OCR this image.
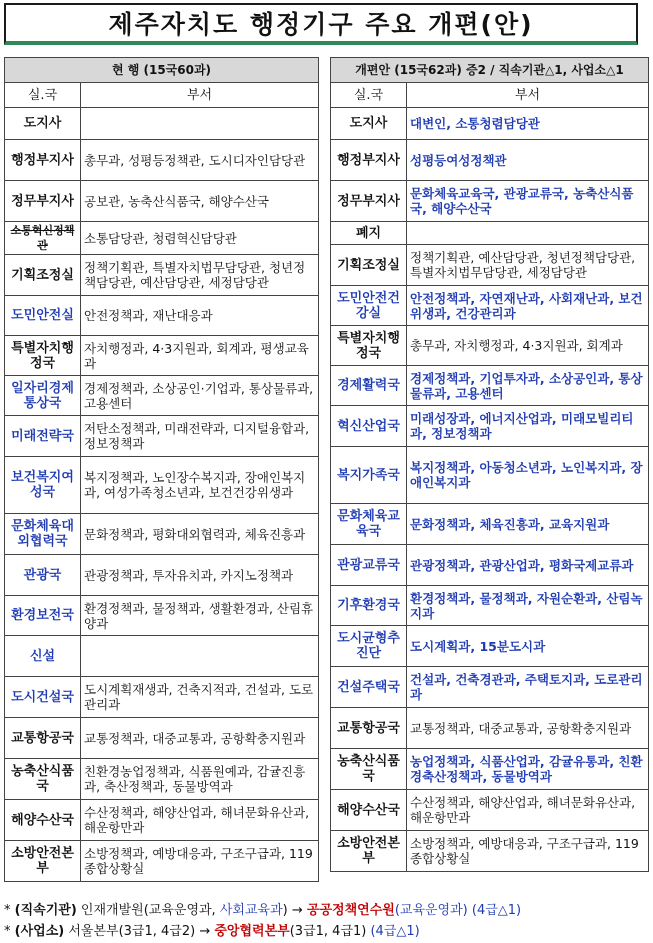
제주자치도 행정기구 주요 개편(안)
현 행 (15국60과)	
실.국	부서
도지사	
행정부지사	총무과, 성평등정책관, 도시디자인담당관
정무부지사	공보관, 농축산식품국, 해양수산국
소통혁신정책관	소통담당관, 청렴혁신담당관
기획조정실	정책기획관, 특별자치법무담당관, 청년정책담당관, 예산담당관, 세정담당관
도민안전실	안전정책과, 재난대응과
특별자치행정국	자치행정과, 4·3지원과, 회계과, 평생교육과
일자리경제통상국	경제정책과, 소상공인·기업과, 통상물류과, 고용센터
미래전략국	저탄소정책과, 미래전략과, 디지털융합과, 정보정책과
보건복지여성국	복지정책과, 노인장수복지과, 장애인복지과, 여성가족청소년과, 보건건강위생과
문화체육대외협력국	문화정책과, 평화대외협력과, 체육진흥과
관광국	관광정책과, 투자유치과, 카지노정책과
환경보전국	환경정책과, 물정책과, 생활환경과, 산림휴양과
신설	
도시건설국	도시계획재생과, 건축지적과, 건설과, 도로관리과
교통항공국	교통정책과, 대중교통과, 공항확충지원과
농축산식품국	친환경농업정책과, 식품원예과, 감귤진흥과, 축산정책과, 동물방역과
해양수산국	수산정책과, 해양산업과, 해녀문화유산과, 해운항만과
소방안전본부	소방정책과, 예방대응과, 구조구급과, 119종합상황실
개편안 (15국62과) 증2 / 직속기관△1, 사업소△1	
실.국	부서
도지사	대변인, 소통청렴담당관
행정부지사	성평등여성정책관
정무부지사	문화체육교육국, 관광교류국, 농축산식품국, 해양수산국
폐지	
기획조정실	정책기획관, 예산담당관, 청년정책담당관, 특별자치법무담당관, 세정담당관
도민안전건강실	안전정책과, 자연재난과, 사회재난과, 보건위생과, 건강관리과
특별자치행정국	총무과, 자치행정과, 4·3지원과, 회계과
경제활력국	경제정책과, 기업투자과, 소상공인과, 통상물류과, 고용센터
혁신산업국	미래성장과, 에너지산업과, 미래모빌리티과, 정보정책과
복지가족국	복지정책과, 아동청소년과, 노인복지과, 장애인복지과
문화체육교육국	문화정책과, 체육진흥과, 교육지원과
관광교류국	관광정책과, 관광산업과, 평화국제교류과
기후환경국	환경정책과, 물정책과, 자원순환과, 산림녹지과
도시균형추진단	도시계획과, 15분도시과
건설주택국	건설과, 건축경관과, 주택토지과, 도로관리과
교통항공국	교통정책과, 대중교통과, 공항확충지원과
농축산식품국	농업정책과, 식품산업과, 감귤유통과, 친환경축산정책과, 동물방역과
해양수산국	수산정책과, 해양산업과, 해녀문화유산과, 해운항만과
소방안전본부	소방정책과, 예방대응과, 구조구급과, 119종합상황실
* (직속기관) 인재개발원(교육운영과, 사회교육과) → 공공정책연수원(교육운영과) (4급△1)
* (사업소) 서울본부(3급1, 4급2) → 중앙협력본부(3급1, 4급1) (4급△1)
